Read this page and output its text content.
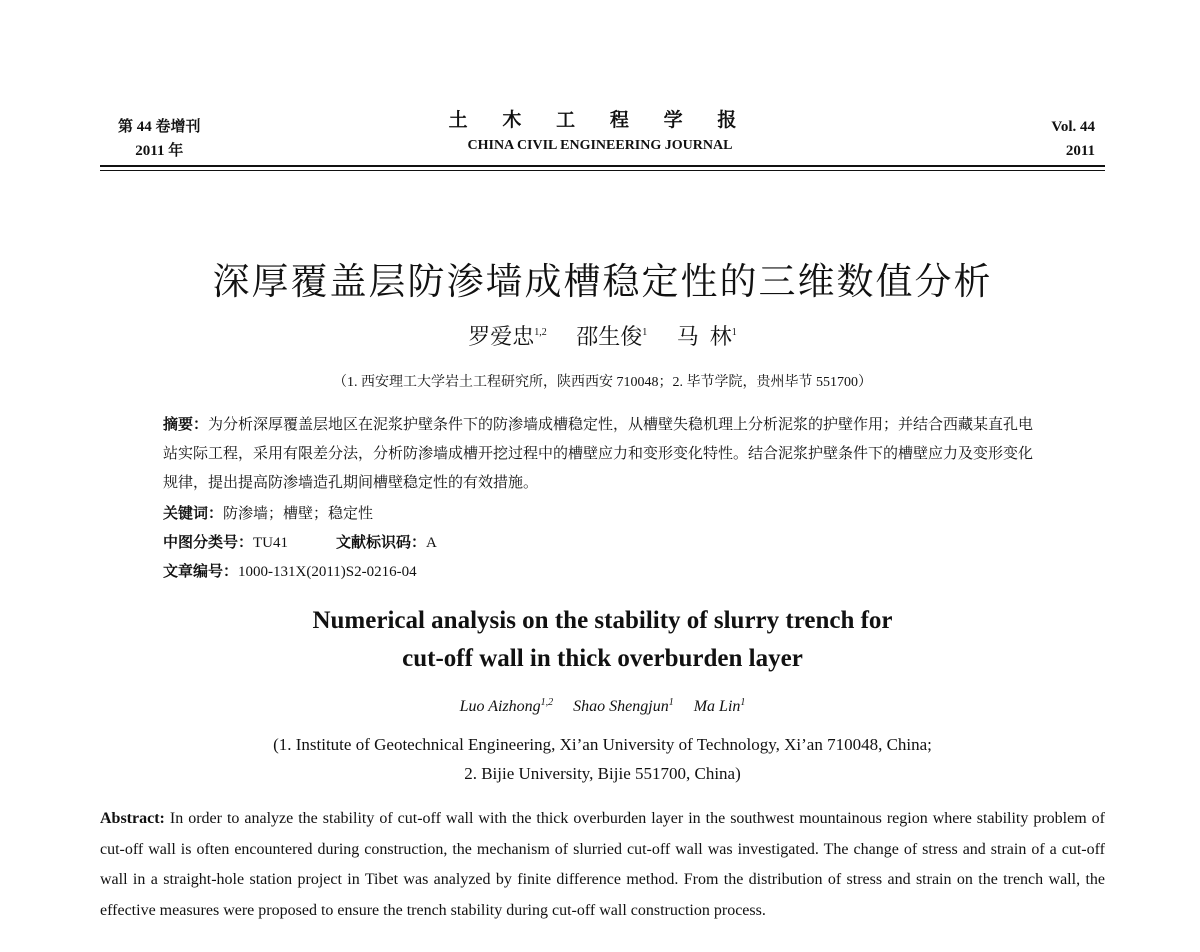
第 44 卷增刊
2011 年
土 木 工 程 学 报
CHINA CIVIL ENGINEERING JOURNAL
Vol. 44
2011
深厚覆盖层防渗墙成槽稳定性的三维数值分析
罗爱忠$^{1,2}$ 邵生俊$^1$ 马  林$^1$
（1. 西安理工大学岩土工程研究所，陕西西安 710048；2. 毕节学院，贵州毕节 551700）
摘要：为分析深厚覆盖层地区在泥浆护壁条件下的防渗墙成槽稳定性，从槽壁失稳机理上分析泥浆的护壁作用；并结合西藏某直孔电站实际工程，采用有限差分法，分析防渗墙成槽开挖过程中的槽壁应力和变形变化特性。结合泥浆护壁条件下的槽壁应力及变形变化规律，提出提高防渗墙造孔期间槽壁稳定性的有效措施。
关键词：防渗墙；槽壁；稳定性
中图分类号：TU41	文献标识码：A
文章编号：1000-131X(2011)S2-0216-04
Numerical analysis on the stability of slurry trench for
cut-off wall in thick overburden layer
Luo Aizhong$^{1,2}$ Shao Shengjun$^1$ Ma Lin$^1$
(1. Institute of Geotechnical Engineering, Xi’an University of Technology, Xi’an 710048, China;
2. Bijie University, Bijie 551700, China)
Abstract: In order to analyze the stability of cut-off wall with the thick overburden layer in the southwest mountainous region where stability problem of cut-off wall is often encountered during construction, the mechanism of slurried cut-off wall was investigated. The change of stress and strain of a cut-off wall in a straight-hole station project in Tibet was analyzed by finite difference method. From the distribution of stress and strain on the trench wall, the effective measures were proposed to ensure the trench stability during cut-off wall construction process.
